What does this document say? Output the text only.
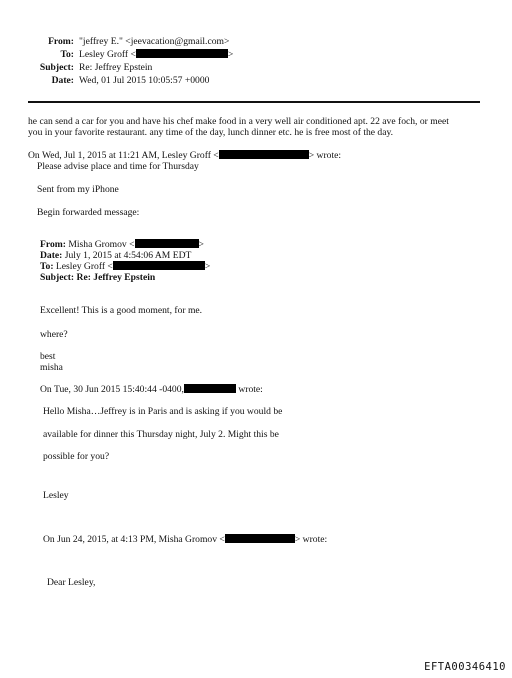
From: "jeffrey E." <jeevacation@gmail.com>
To: Lesley Groff <	>
Subject: Re: Jeffrey Epstein
Date: Wed, 01 Jul 2015 10:05:57 +0000
he can send a car for you and have his chef make food in a very well air conditioned apt. 22 ave foch, or meet
you in your favorite restaurant. any time of the day, lunch dinner etc. he is free most of the day.
On Wed, Jul 1, 2015 at 11:21 AM, Lesley Groff <	> wrote:
Please advise place and time for Thursday
Sent from my iPhone
Begin forwarded message:
From: Misha Gromov <	>
Date: July 1, 2015 at 4:54:06 AM EDT
To: Lesley Groff <	>
Subject: Re: Jeffrey Epstein
Excellent! This is a good moment, for me.
where?
best
misha
On Tue, 30 Jun 2015 15:40:44 -0400,	wrote:
Hello Misha…Jeffrey is in Paris and is asking if you would be
available for dinner this Thursday night, July 2. Might this be
possible for you?
Lesley
On Jun 24, 2015, at 4:13 PM, Misha Gromov <	> wrote:
Dear Lesley,
EFTA00346410
